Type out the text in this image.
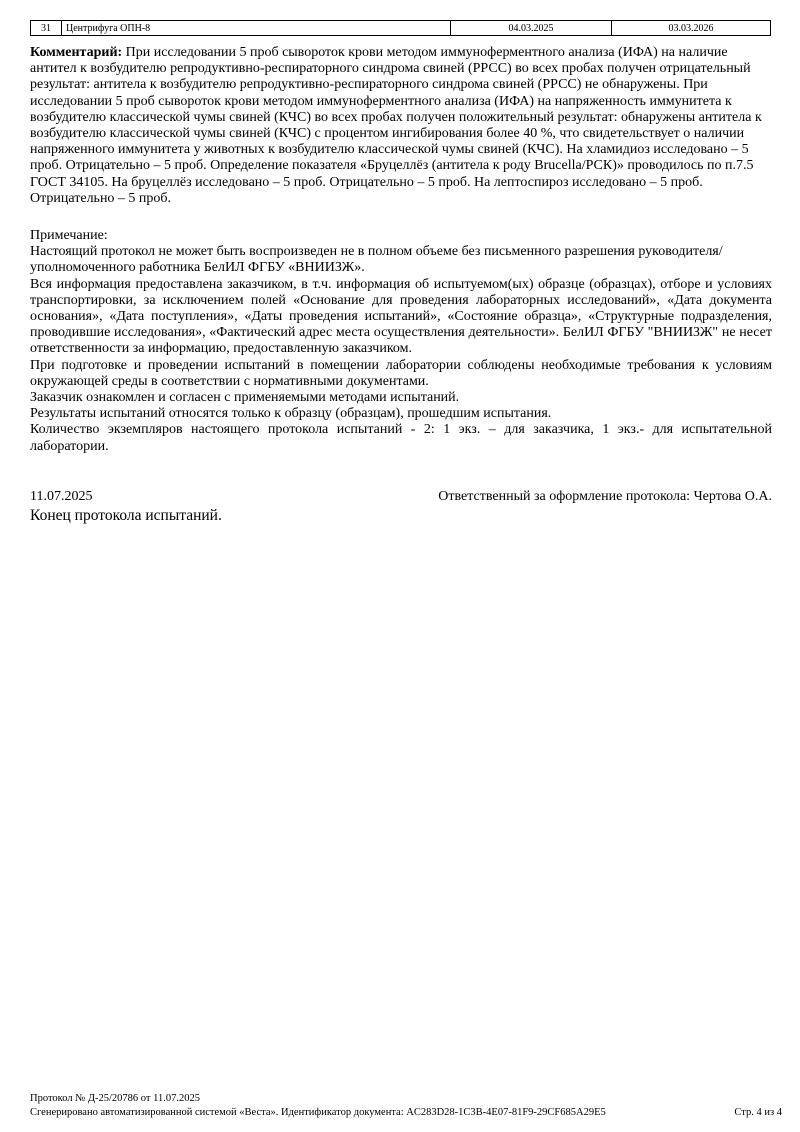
31	Центрифуга ОПН-8	04.03.2025	03.03.2026
Комментарий: При исследовании 5 проб сывороток крови методом иммуноферментного анализа (ИФА) на наличие антител к возбудителю репродуктивно-респираторного синдрома свиней (РРСС) во всех пробах получен отрицательный результат: антитела к возбудителю репродуктивно-респираторного синдрома свиней (РРСС) не обнаружены. При исследовании 5 проб сывороток крови методом иммуноферментного анализа (ИФА) на напряженность иммунитета к возбудителю классической чумы свиней (КЧС) во всех пробах получен положительный результат: обнаружены антитела к возбудителю классической чумы свиней (КЧС) с процентом ингибирования более 40 %, что свидетельствует о наличии напряженного иммунитета у животных к возбудителю классической чумы свиней (КЧС). На хламидиоз исследовано – 5 проб. Отрицательно – 5 проб. Определение показателя «Бруцеллёз (антитела к роду Brucella/РСК)» проводилось по п.7.5 ГОСТ 34105. На бруцеллёз исследовано – 5 проб. Отрицательно – 5 проб. На лептоспироз исследовано – 5 проб. Отрицательно – 5 проб.

Примечание:

Настоящий протокол не может быть воспроизведен не в полном объеме без письменного разрешения руководителя/уполномоченного работника БелИЛ ФГБУ «ВНИИЗЖ».

Вся информация предоставлена заказчиком, в т.ч. информация об испытуемом(ых) образце (образцах), отборе и условиях транспортировки, за исключением полей «Основание для проведения лабораторных исследований», «Дата документа основания», «Дата поступления», «Даты проведения испытаний», «Состояние образца», «Структурные подразделения, проводившие исследования», «Фактический адрес места осуществления деятельности». БелИЛ ФГБУ "ВНИИЗЖ" не несет ответственности за информацию, предоставленную заказчиком.

При подготовке и проведении испытаний в помещении лаборатории соблюдены необходимые требования к условиям окружающей среды в соответствии с нормативными документами.

Заказчик ознакомлен и согласен с применяемыми методами испытаний.

Результаты испытаний относятся только к образцу (образцам), прошедшим испытания.

Количество экземпляров настоящего протокола испытаний - 2: 1 экз. – для заказчика, 1 экз.- для испытательной лаборатории.

11.07.2025	Ответственный за оформление протокола: Чертова О.А.
Конец протокола испытаний.
Протокол № Д-25/20786 от 11.07.2025
Сгенерировано автоматизированной системой «Веста». Идентификатор документа: AC283D28-1C3B-4E07-81F9-29CF685A29E5	Стр. 4 из 4
